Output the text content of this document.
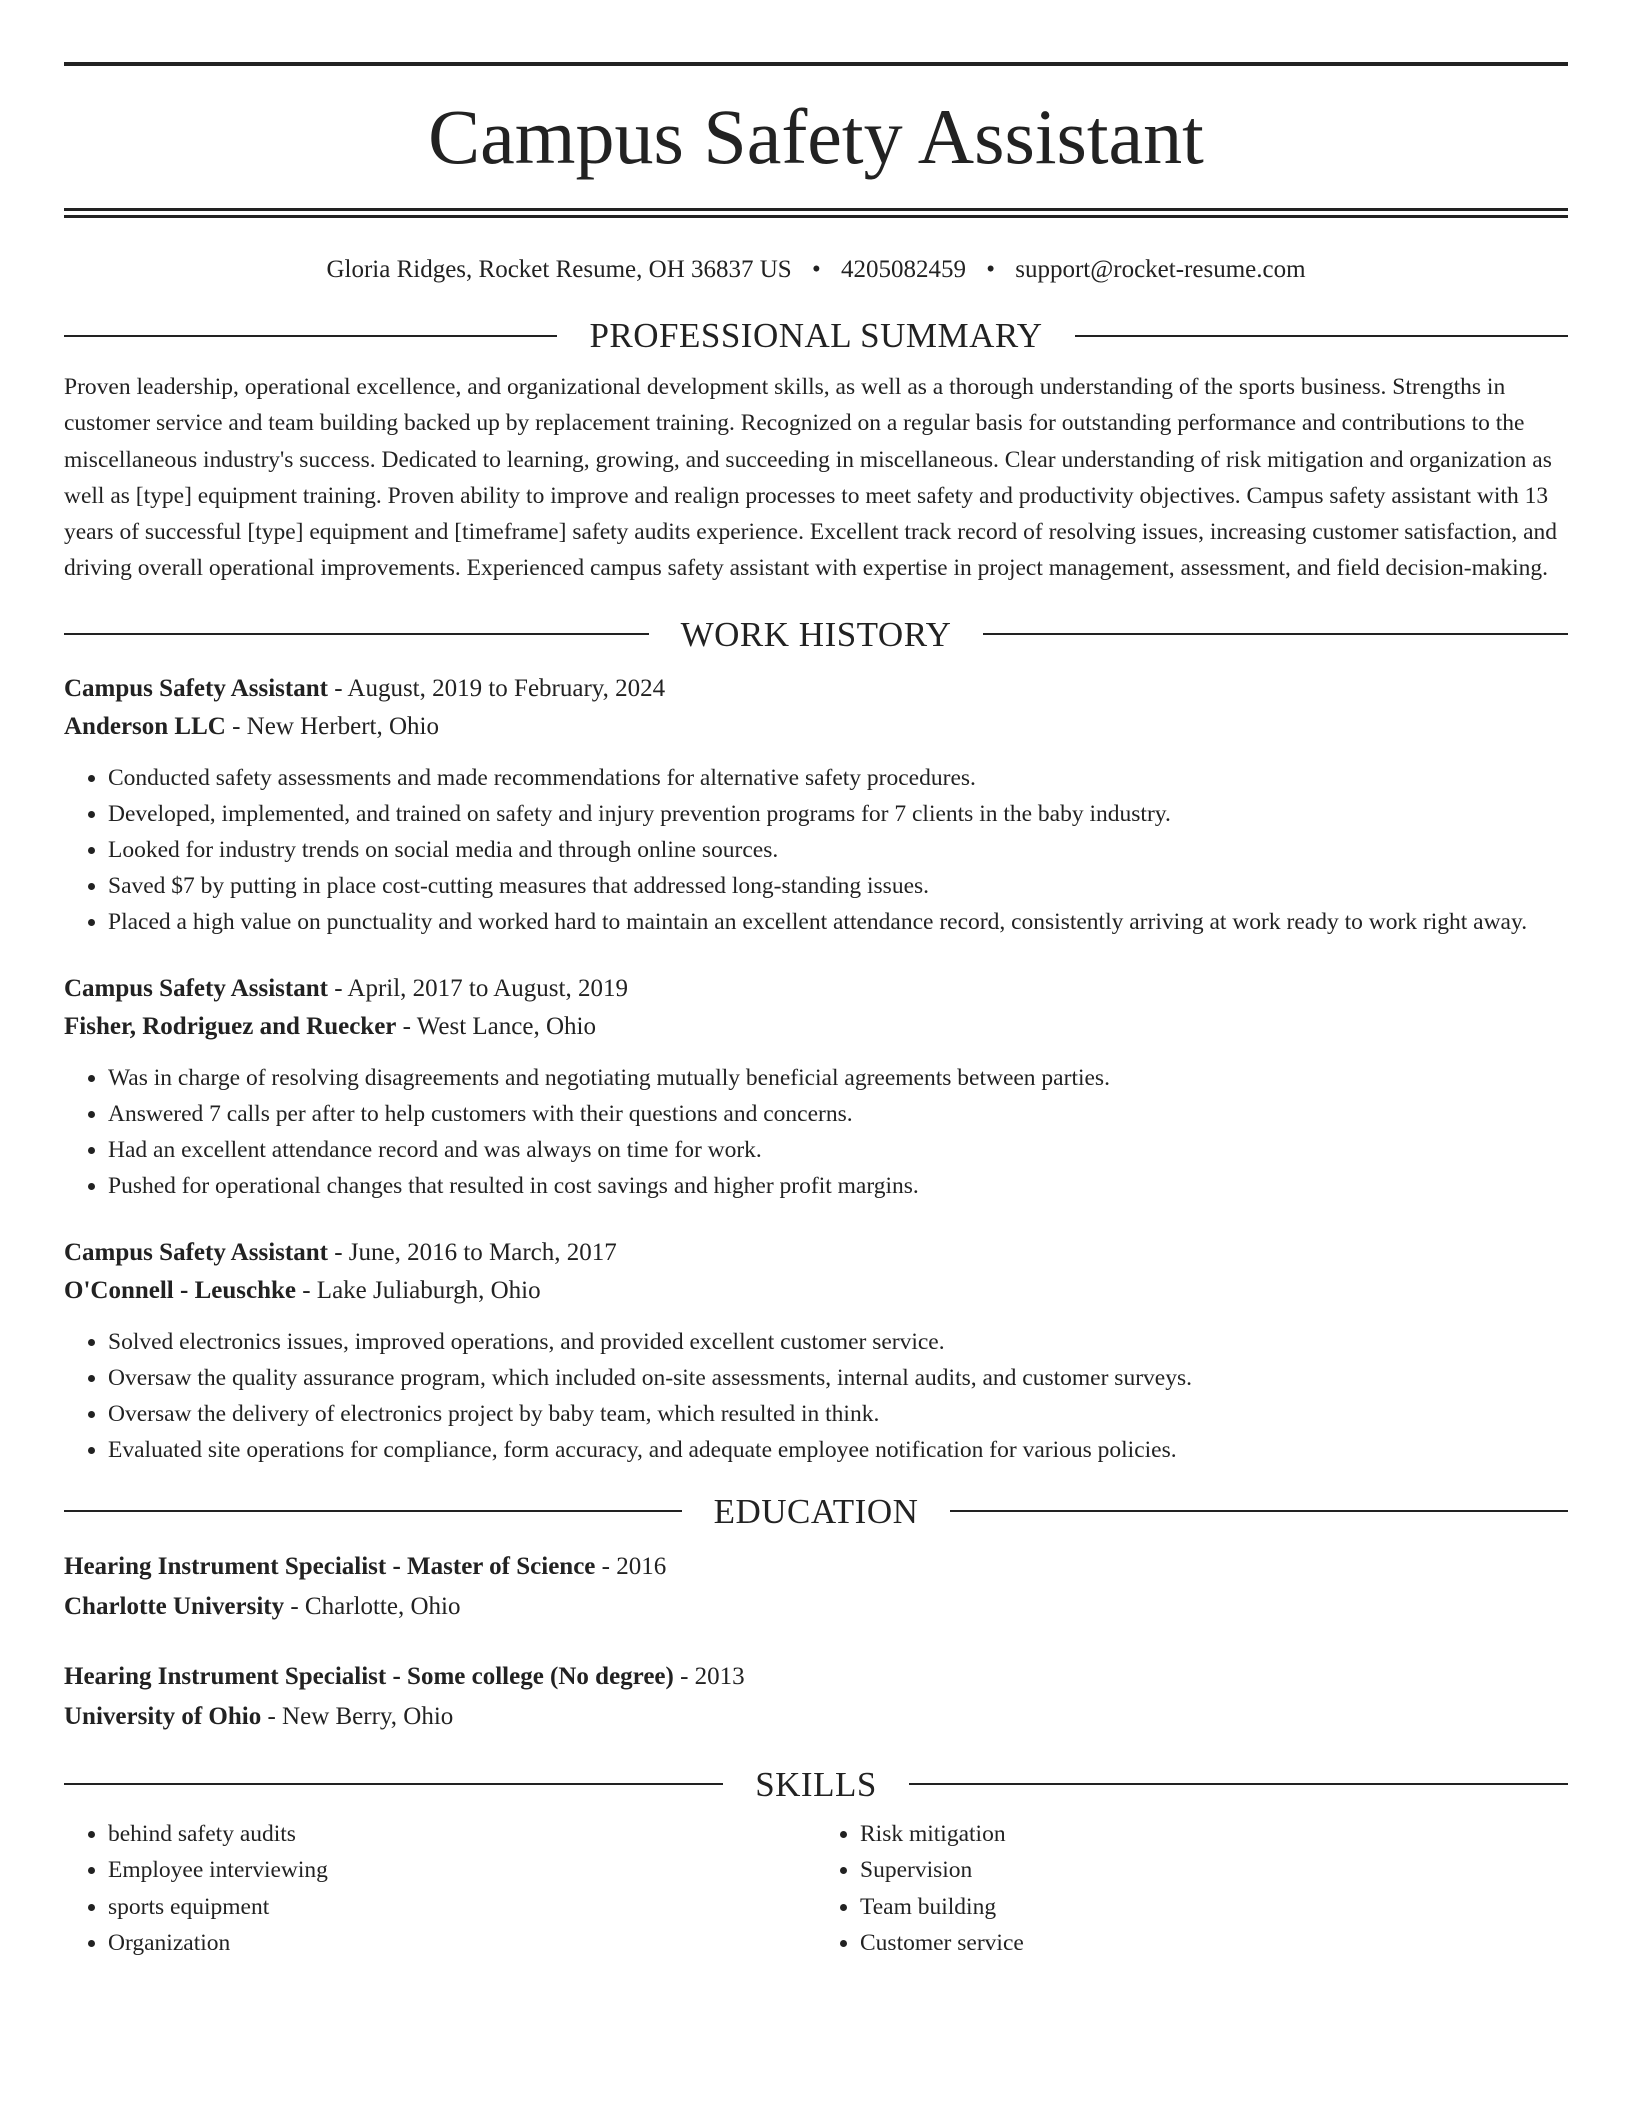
Campus Safety Assistant
Gloria Ridges, Rocket Resume, OH 36837 US • 4205082459 • support@rocket-resume.com
PROFESSIONAL SUMMARY
Proven leadership, operational excellence, and organizational development skills, as well as a thorough understanding of the sports business. Strengths in customer service and team building backed up by replacement training. Recognized on a regular basis for outstanding performance and contributions to the miscellaneous industry's success. Dedicated to learning, growing, and succeeding in miscellaneous. Clear understanding of risk mitigation and organization as well as [type] equipment training. Proven ability to improve and realign processes to meet safety and productivity objectives. Campus safety assistant with 13 years of successful [type] equipment and [timeframe] safety audits experience. Excellent track record of resolving issues, increasing customer satisfaction, and driving overall operational improvements. Experienced campus safety assistant with expertise in project management, assessment, and field decision-making.
WORK HISTORY
Campus Safety Assistant - August, 2019 to February, 2024
Anderson LLC - New Herbert, Ohio
• Conducted safety assessments and made recommendations for alternative safety procedures.
• Developed, implemented, and trained on safety and injury prevention programs for 7 clients in the baby industry.
• Looked for industry trends on social media and through online sources.
• Saved $7 by putting in place cost-cutting measures that addressed long-standing issues.
• Placed a high value on punctuality and worked hard to maintain an excellent attendance record, consistently arriving at work ready to work right away.
Campus Safety Assistant - April, 2017 to August, 2019
Fisher, Rodriguez and Ruecker - West Lance, Ohio
• Was in charge of resolving disagreements and negotiating mutually beneficial agreements between parties.
• Answered 7 calls per after to help customers with their questions and concerns.
• Had an excellent attendance record and was always on time for work.
• Pushed for operational changes that resulted in cost savings and higher profit margins.
Campus Safety Assistant - June, 2016 to March, 2017
O'Connell - Leuschke - Lake Juliaburgh, Ohio
• Solved electronics issues, improved operations, and provided excellent customer service.
• Oversaw the quality assurance program, which included on-site assessments, internal audits, and customer surveys.
• Oversaw the delivery of electronics project by baby team, which resulted in think.
• Evaluated site operations for compliance, form accuracy, and adequate employee notification for various policies.
EDUCATION
Hearing Instrument Specialist - Master of Science - 2016
Charlotte University - Charlotte, Ohio
Hearing Instrument Specialist - Some college (No degree) - 2013
University of Ohio - New Berry, Ohio
SKILLS
• behind safety audits
• Employee interviewing
• sports equipment
• Organization
• Risk mitigation
• Supervision
• Team building
• Customer service
